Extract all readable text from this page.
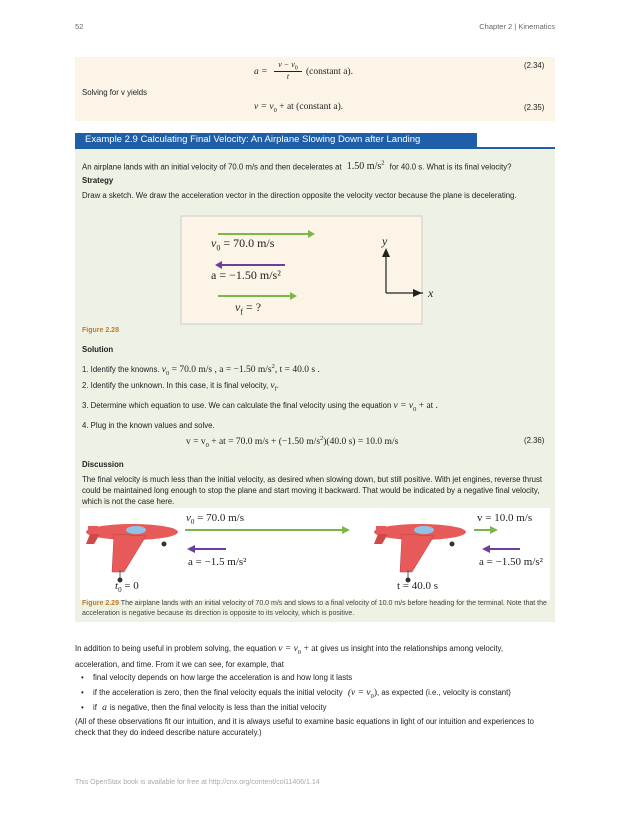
52	Chapter 2 | Kinematics
a =
$v - v_0$
t	(constant a).
(2.34)
Solving for v yields
$v = v_0$ + at (constant a).	(2.35)
Example 2.9 Calculating Final Velocity: An Airplane Slowing Down after Landing
An airplane lands with an initial velocity of 70.0 m/s and then decelerates at 1.50 $m/s^2$ for 40.0 s. What is its final velocity?
Strategy
Draw a sketch. We draw the acceleration vector in the direction opposite the velocity vector because the plane is decelerating.
$v_0 = 70.0$ m/s
a = −1.50 m/s²
$v_f$ = ?
y
x
Figure 2.28
Solution
1. Identify the knowns. $v_0 = 70.0$ m/s , a = −1.50 $m/s^2$, t = 40.0 s .
2. Identify the unknown. In this case, it is final velocity, $v_f$.
3. Determine which equation to use. We can calculate the final velocity using the equation $v = v_0$ + at .
4. Plug in the known values and solve.
$v = v_0$ + at = 70.0 m/s + (−1.50 $m/s^2)(40.0$ s) = 10.0 m/s	(2.36)
Discussion
The final velocity is much less than the initial velocity, as desired when slowing down, but still positive. With jet engines, reverse thrust could be maintained long enough to stop the plane and start moving it backward. That would be indicated by a negative final velocity, which is not the case here.
$v_0 = 70.0$ m/s
a = −1.5 m/s²
$t_0 = 0$
v = 10.0 m/s
a = −1.50 m/s²
t = 40.0 s
Figure 2.29 The airplane lands with an initial velocity of 70.0 m/s and slows to a final velocity of 10.0 m/s before heading for the terminal. Note that the acceleration is negative because its direction is opposite to its velocity, which is positive.
In addition to being useful in problem solving, the equation $v = v_0$ + at gives us insight into the relationships among velocity,
acceleration, and time. From it we can see, for example, that
• final velocity depends on how large the acceleration is and how long it lasts
• if the acceleration is zero, then the final velocity equals the initial velocity $(v = v_0)$, as expected (i.e., velocity is constant)
• if a is negative, then the final velocity is less than the initial velocity
(All of these observations fit our intuition, and it is always useful to examine basic equations in light of our intuition and experiences to check that they do indeed describe nature accurately.)
This OpenStax book is available for free at http://cnx.org/content/col11406/1.14
